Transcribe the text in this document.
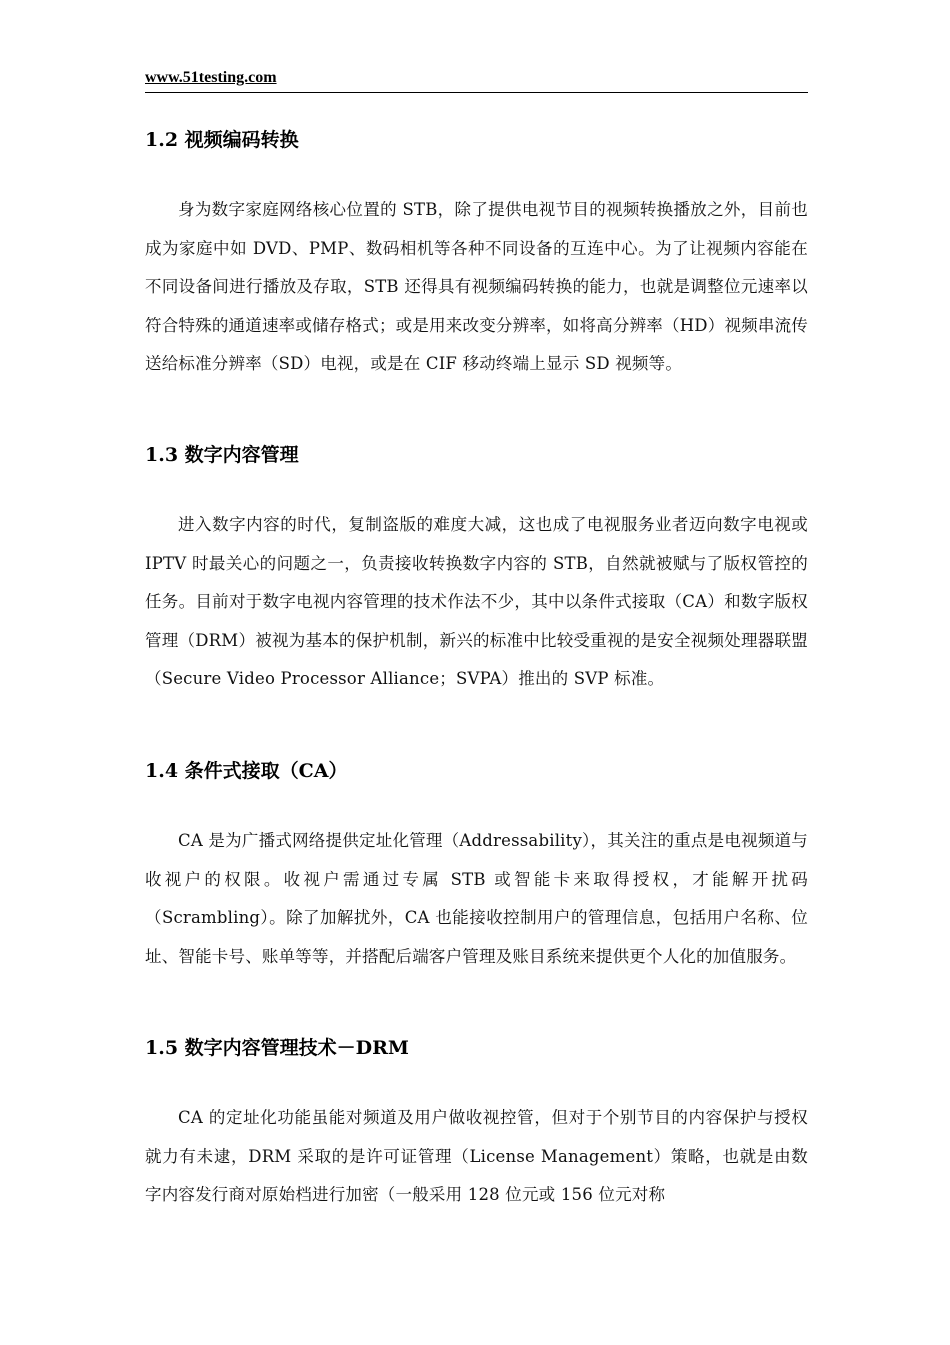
www.51testing.com
1.2 视频编码转换

身为数字家庭网络核心位置的 STB，除了提供电视节目的视频转换播放之外，目前也成为家庭中如 DVD、PMP、数码相机等各种不同设备的互连中心。为了让视频内容能在不同设备间进行播放及存取，STB 还得具有视频编码转换的能力，也就是调整位元速率以符合特殊的通道速率或储存格式；或是用来改变分辨率，如将高分辨率（HD）视频串流传送给标准分辨率（SD）电视，或是在 CIF 移动终端上显示 SD 视频等。

1.3 数字内容管理

进入数字内容的时代，复制盗版的难度大减，这也成了电视服务业者迈向数字电视或 IPTV 时最关心的问题之一，负责接收转换数字内容的 STB，自然就被赋与了版权管控的任务。目前对于数字电视内容管理的技术作法不少，其中以条件式接取（CA）和数字版权管理（DRM）被视为基本的保护机制，新兴的标准中比较受重视的是安全视频处理器联盟（Secure Video Processor Alliance；SVPA）推出的 SVP 标准。

1.4 条件式接取（CA）

CA 是为广播式网络提供定址化管理（Addressability），其关注的重点是电视频道与收视户的权限。收视户需通过专属 STB 或智能卡来取得授权，才能解开扰码（Scrambling）。除了加解扰外，CA 也能接收控制用户的管理信息，包括用户名称、位址、智能卡号、账单等等，并搭配后端客户管理及账目系统来提供更个人化的加值服务。

1.5 数字内容管理技术－DRM

CA 的定址化功能虽能对频道及用户做收视控管，但对于个别节目的内容保护与授权就力有未逮，DRM 采取的是许可证管理（License Management）策略，也就是由数字内容发行商对原始档进行加密（一般采用 128 位元或 156 位元对称
